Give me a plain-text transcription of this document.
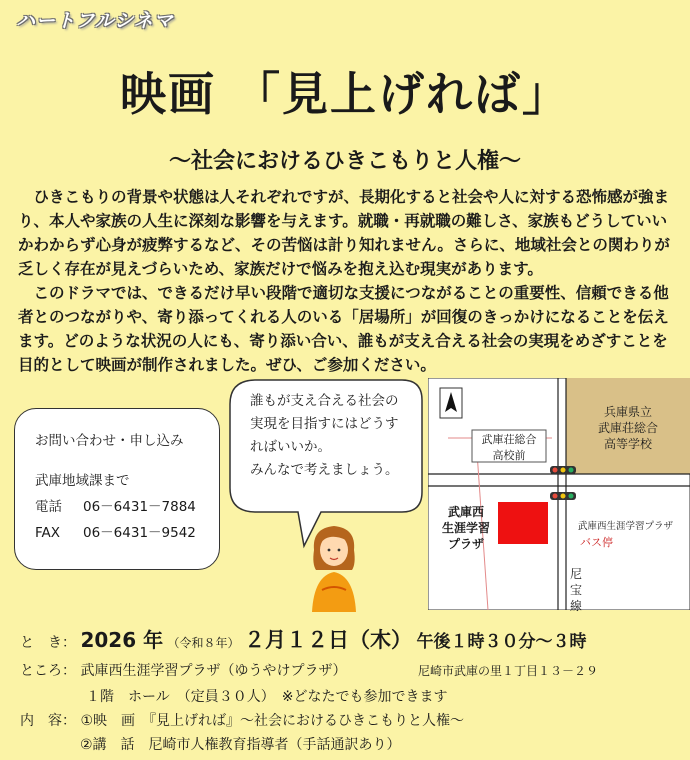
ハートフルシネマ
映画 「見上げれば」
～社会におけるひきこもりと人権～

ひきこもりの背景や状態は人それぞれですが、長期化すると社会や人に対する恐怖感が強まり、本人や家族の人生に深刻な影響を与えます。就職・再就職の難しさ、家族もどうしていいかわからず心身が疲弊するなど、その苦悩は計り知れません。さらに、地域社会との関わりが乏しく存在が見えづらいため、家族だけで悩みを抱え込む現実があります。

このドラマでは、できるだけ早い段階で適切な支援につながることの重要性、信頼できる他者とのつながりや、寄り添ってくれる人のいる「居場所」が回復のきっかけになることを伝えます。どのような状況の人にも、寄り添い合い、誰もが支え合える社会の実現をめざすことを目的として映画が制作されました。ぜひ、ご参加ください。

お問い合わせ・申し込み
武庫地域課まで
電話 06－6431－7884
FAX 06－6431－9542
誰もが支え合える社会の
実現を目指すにはどうす
ればいいか。
みんなで考えましょう。
兵庫県立
武庫荘総合
高等学校
武庫荘総合
高校前
武庫西
生涯学習
プラザ
武庫西生涯学習プラザ
バス停
尼
宝
線
と　き： 2026 年 （令和８年） ２月１２日（木） 午後１時３０分～３時
ところ： 武庫西生涯学習プラザ（ゆうやけプラザ）	尼崎市武庫の里１丁目１３－２９
１階　ホール　（定員３０人）　※どなたでも参加できます
内　容： ①映　画　『見上げれば』～社会におけるひきこもりと人権～
②講　話　尼崎市人権教育指導者（手話通訳あり）
